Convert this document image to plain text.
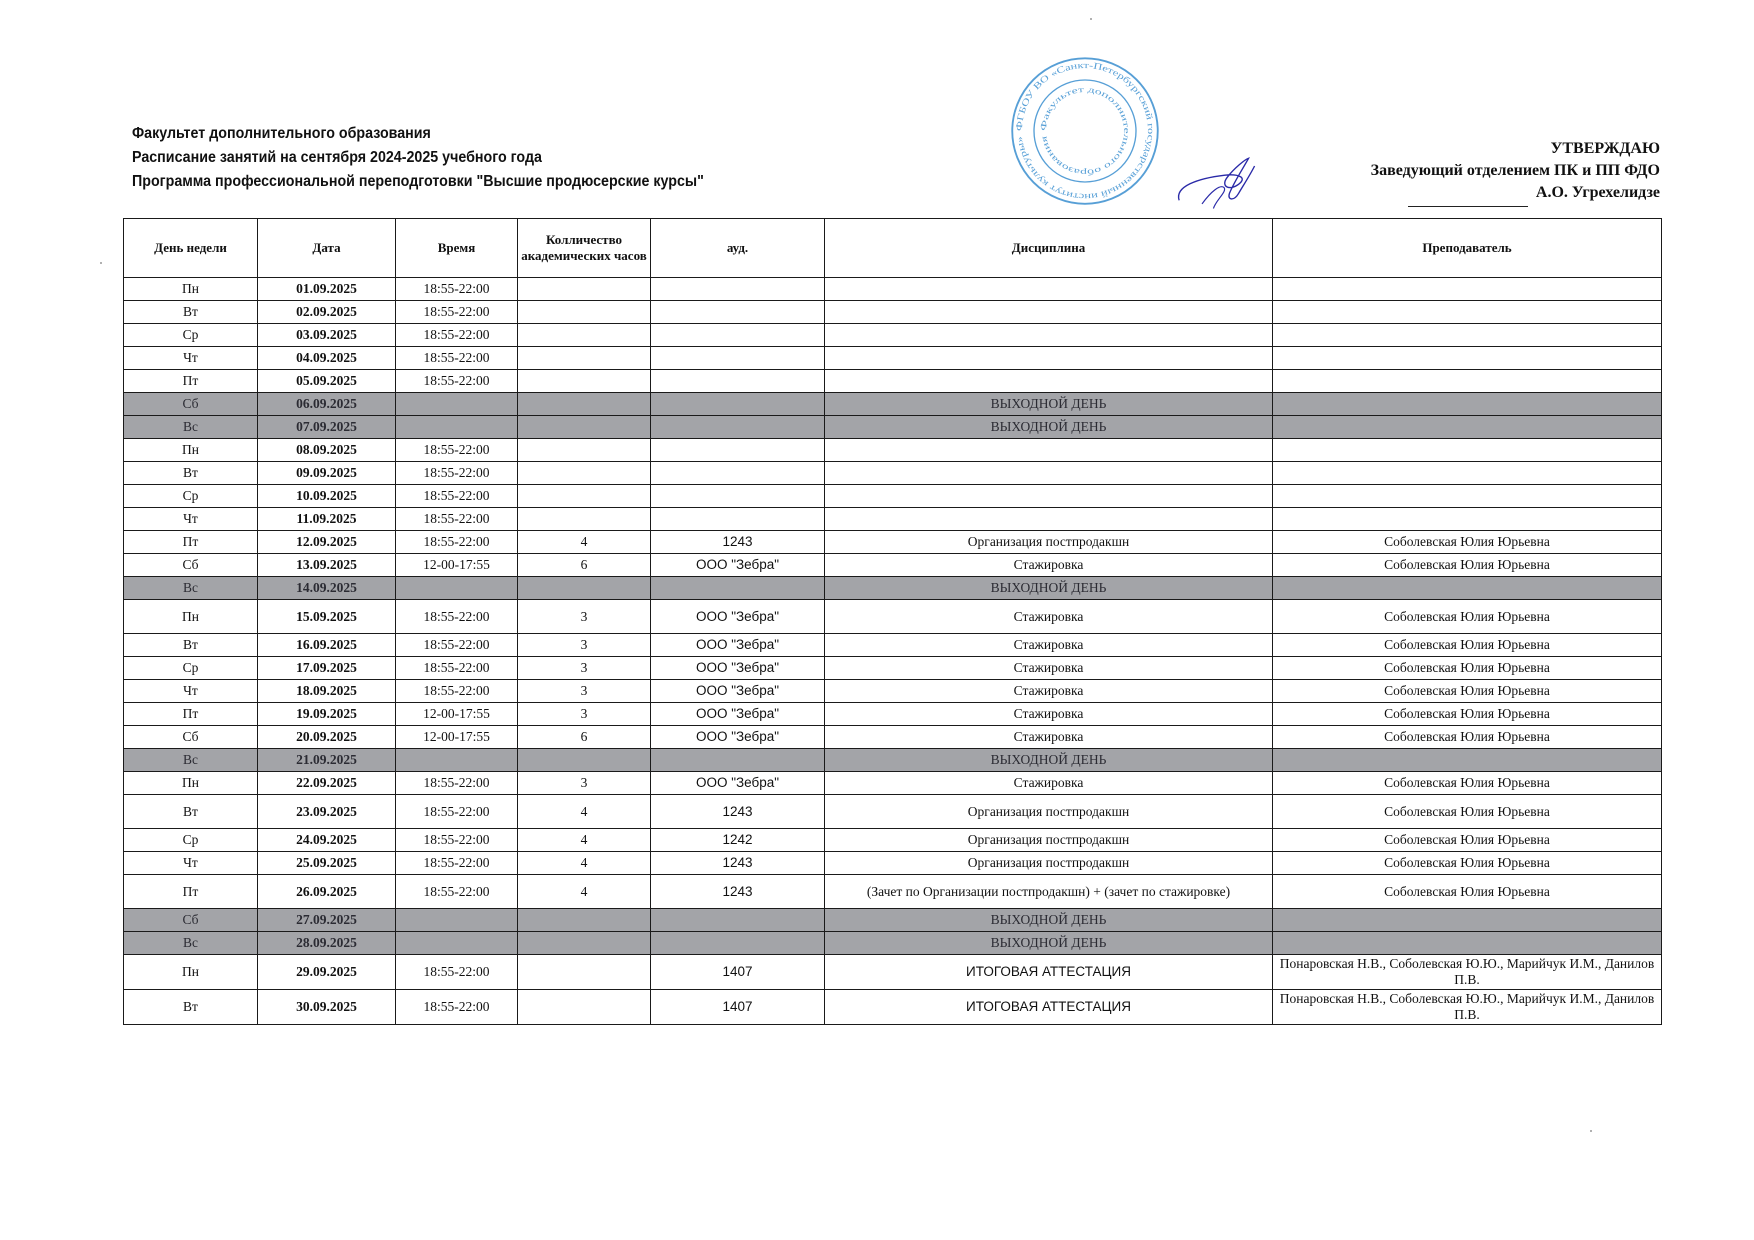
Факультет дополнительного образования
Расписание занятий на сентября 2024-2025 учебного года
Программа профессиональной переподготовки "Высшие продюсерские курсы"
УТВЕРЖДАЮ
Заведующий отделением ПК и ПП ФДО
А.О. Угрехелидзе
ФГБОУ ВО «Санкт-Петербургский государственный институт культуры»
Факультет дополнительного образования
День недели	Дата	Время	Колличество академических часов	ауд.	Дисциплина	Преподаватель
Пн	01.09.2025	18:55-22:00				
Вт	02.09.2025	18:55-22:00				
Ср	03.09.2025	18:55-22:00				
Чт	04.09.2025	18:55-22:00				
Пт	05.09.2025	18:55-22:00				
Сб	06.09.2025				ВЫХОДНОЙ ДЕНЬ	
Вс	07.09.2025				ВЫХОДНОЙ ДЕНЬ	
Пн	08.09.2025	18:55-22:00				
Вт	09.09.2025	18:55-22:00				
Ср	10.09.2025	18:55-22:00				
Чт	11.09.2025	18:55-22:00				
Пт	12.09.2025	18:55-22:00	4	1243	Организация постпродакшн	Соболевская Юлия Юрьевна
Сб	13.09.2025	12-00-17:55	6	ООО "Зебра"	Стажировка	Соболевская Юлия Юрьевна
Вс	14.09.2025				ВЫХОДНОЙ ДЕНЬ	
Пн	15.09.2025	18:55-22:00	3	ООО "Зебра"	Стажировка	Соболевская Юлия Юрьевна
Вт	16.09.2025	18:55-22:00	3	ООО "Зебра"	Стажировка	Соболевская Юлия Юрьевна
Ср	17.09.2025	18:55-22:00	3	ООО "Зебра"	Стажировка	Соболевская Юлия Юрьевна
Чт	18.09.2025	18:55-22:00	3	ООО "Зебра"	Стажировка	Соболевская Юлия Юрьевна
Пт	19.09.2025	12-00-17:55	3	ООО "Зебра"	Стажировка	Соболевская Юлия Юрьевна
Сб	20.09.2025	12-00-17:55	6	ООО "Зебра"	Стажировка	Соболевская Юлия Юрьевна
Вс	21.09.2025				ВЫХОДНОЙ ДЕНЬ	
Пн	22.09.2025	18:55-22:00	3	ООО "Зебра"	Стажировка	Соболевская Юлия Юрьевна
Вт	23.09.2025	18:55-22:00	4	1243	Организация постпродакшн	Соболевская Юлия Юрьевна
Ср	24.09.2025	18:55-22:00	4	1242	Организация постпродакшн	Соболевская Юлия Юрьевна
Чт	25.09.2025	18:55-22:00	4	1243	Организация постпродакшн	Соболевская Юлия Юрьевна
Пт	26.09.2025	18:55-22:00	4	1243	(Зачет по Организации постпродакшн) + (зачет по стажировке)	Соболевская Юлия Юрьевна
Сб	27.09.2025				ВЫХОДНОЙ ДЕНЬ	
Вс	28.09.2025				ВЫХОДНОЙ ДЕНЬ	
Пн	29.09.2025	18:55-22:00		1407	ИТОГОВАЯ АТТЕСТАЦИЯ	Понаровская Н.В., Соболевская Ю.Ю., Марийчук И.М., Данилов П.В.
Вт	30.09.2025	18:55-22:00		1407	ИТОГОВАЯ АТТЕСТАЦИЯ	Понаровская Н.В., Соболевская Ю.Ю., Марийчук И.М., Данилов П.В.
